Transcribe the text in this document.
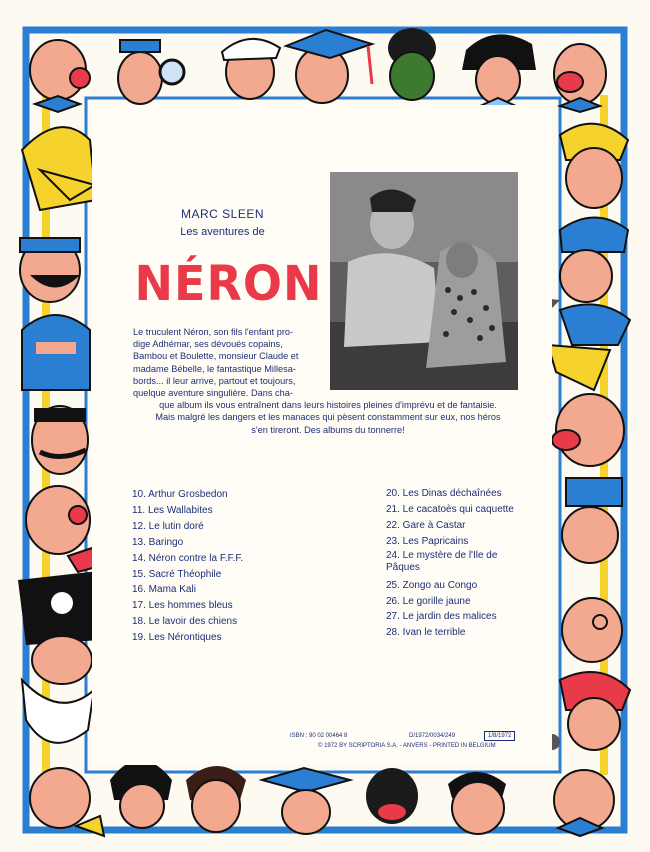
MARC SLEEN
Les aventures de
NÉRON
Le truculent Néron, son fils l'enfant pro-
dige Adhémar, ses dévoués copains,
Bambou et Boulette, monsieur Claude et
madame Bébelle, le fantastique Millesa-
bords... il leur arrive, partout et toujours,
quelque aventure singulière. Dans cha-
que album ils vous entraînent dans leurs histoires pleines d'imprévu et de fantaisie.
Mais malgré les dangers et les manaces qui pèsent constamment sur eux, nos héros
s'en tireront. Des albums du tonnerre!
10. Arthur Grosbedon
11. Les Wallabites
12. Le lutin doré
13. Baringo
14. Néron contre la F.F.F.
15. Sacré Théophile
16. Mama Kali
17. Les hommes bleus
18. Le lavoir des chiens
19. Les Nérontiques
20. Les Dinas déchaînées
21. Le cacatoès qui caquette
22. Gare à Castar
23. Les Papricains
24. Le mystère de l'Ile de Pâques
25. Zongo au Congo
26. Le gorille jaune
27. Le jardin des malices
28. Ivan le terrible
ISBN : 90 02 00464 8	D/1972/0034/249	1/8/1972
© 1972 BY SCRIPTORIA S.A. - ANVERS - PRINTED IN BELGIUM
